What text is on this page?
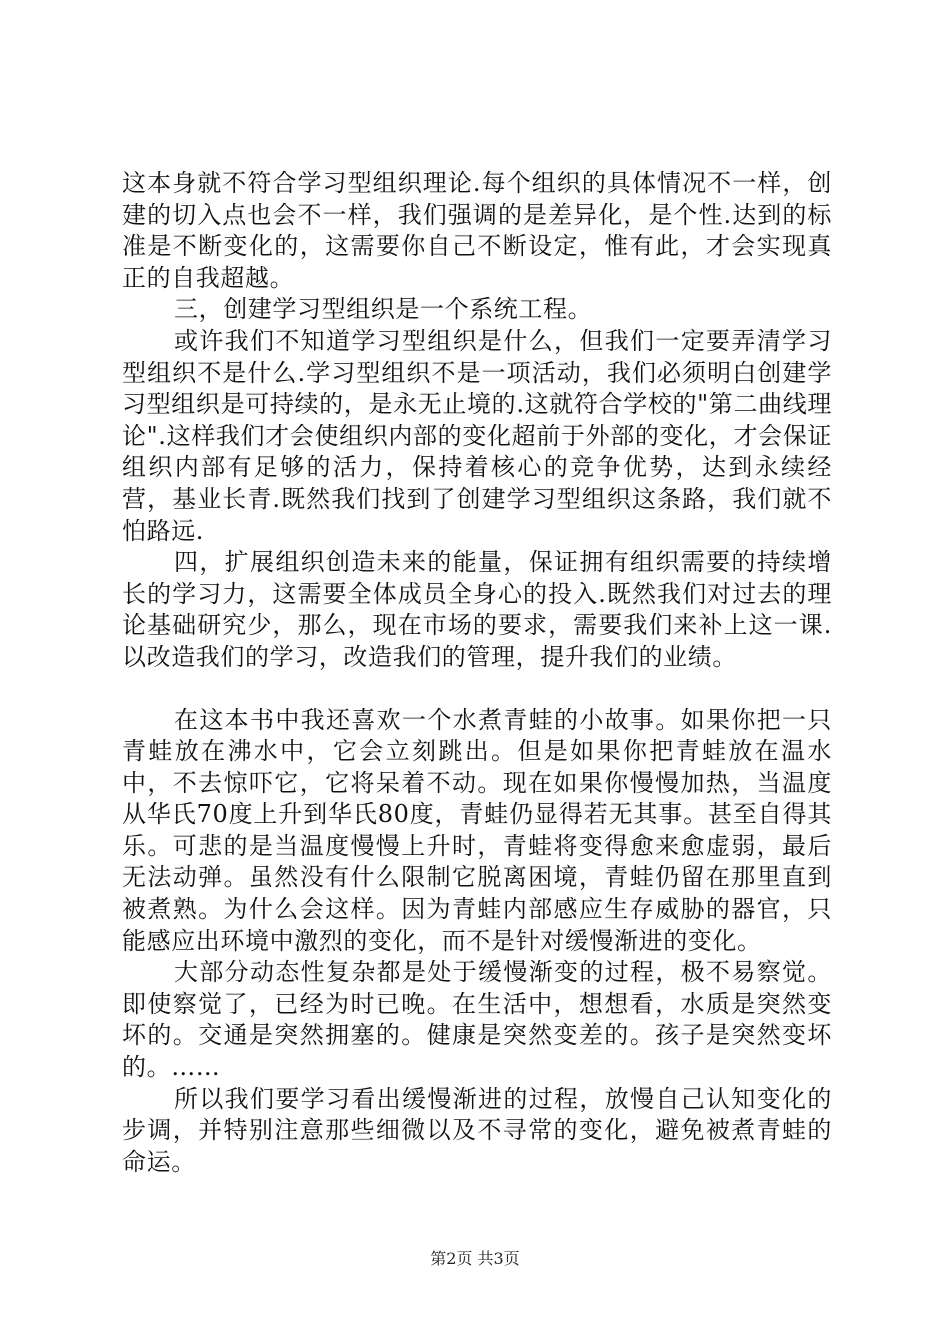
这本身就不符合学习型组织理论.每个组织的具体情况不一样，创建的切入点也会不一样，我们强调的是差异化，是个性.达到的标准是不断变化的，这需要你自己不断设定，惟有此，才会实现真正的自我超越。

三，创建学习型组织是一个系统工程。

或许我们不知道学习型组织是什么，但我们一定要弄清学习型组织不是什么.学习型组织不是一项活动，我们必须明白创建学习型组织是可持续的，是永无止境的.这就符合学校的"第二曲线理论".这样我们才会使组织内部的变化超前于外部的变化，才会保证组织内部有足够的活力，保持着核心的竞争优势，达到永续经营，基业长青.既然我们找到了创建学习型组织这条路，我们就不怕路远.

四，扩展组织创造未来的能量，保证拥有组织需要的持续增长的学习力，这需要全体成员全身心的投入.既然我们对过去的理论基础研究少，那么，现在市场的要求，需要我们来补上这一课.以改造我们的学习，改造我们的管理，提升我们的业绩。

在这本书中我还喜欢一个水煮青蛙的小故事。如果你把一只青蛙放在沸水中，它会立刻跳出。但是如果你把青蛙放在温水中，不去惊吓它，它将呆着不动。现在如果你慢慢加热，当温度从华氏70度上升到华氏80度，青蛙仍显得若无其事。甚至自得其乐。可悲的是当温度慢慢上升时，青蛙将变得愈来愈虚弱，最后无法动弹。虽然没有什么限制它脱离困境，青蛙仍留在那里直到被煮熟。为什么会这样。因为青蛙内部感应生存威胁的器官，只能感应出环境中激烈的变化，而不是针对缓慢渐进的变化。

大部分动态性复杂都是处于缓慢渐变的过程，极不易察觉。即使察觉了，已经为时已晚。在生活中，想想看，水质是突然变坏的。交通是突然拥塞的。健康是突然变差的。孩子是突然变坏的。……

所以我们要学习看出缓慢渐进的过程，放慢自己认知变化的步调，并特别注意那些细微以及不寻常的变化，避免被煮青蛙的命运。

第2页 共3页
